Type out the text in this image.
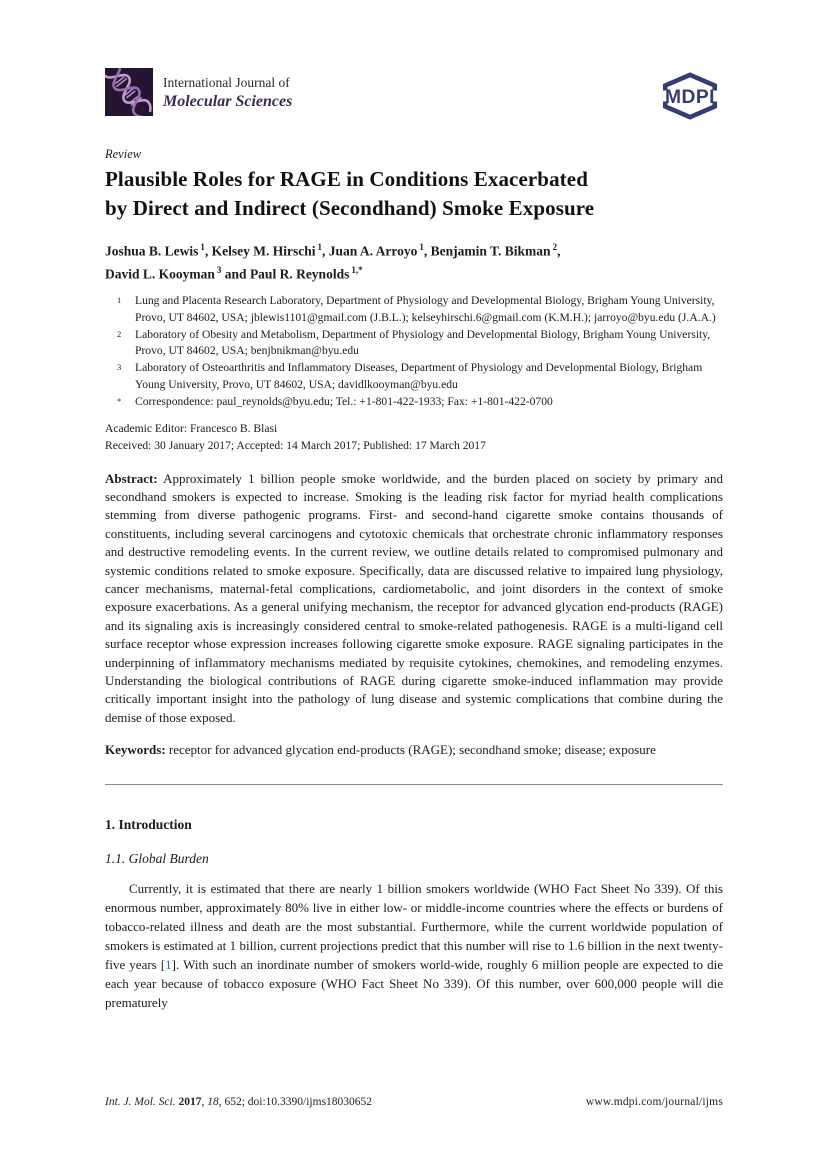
International Journal of
Molecular Sciences	MDPI
Review
Plausible Roles for RAGE in Conditions Exacerbated
by Direct and Indirect (Secondhand) Smoke Exposure
Joshua B. Lewis $^1$, Kelsey M. Hirschi $^1$, Juan A. Arroyo $^1$, Benjamin T. Bikman $^2$,
David L. Kooyman $^3$ and Paul R. Reynolds $^{1,*}$
1	Lung and Placenta Research Laboratory, Department of Physiology and Developmental Biology, Brigham Young University, Provo, UT 84602, USA; jblewis1101@gmail.com (J.B.L.); kelseyhirschi.6@gmail.com (K.M.H.); jarroyo@byu.edu (J.A.A.)
2	Laboratory of Obesity and Metabolism, Department of Physiology and Developmental Biology, Brigham Young University, Provo, UT 84602, USA; benjbnikman@byu.edu
3	Laboratory of Osteoarthritis and Inflammatory Diseases, Department of Physiology and Developmental Biology, Brigham Young University, Provo, UT 84602, USA; davidlkooyman@byu.edu
*	Correspondence: paul_reynolds@byu.edu; Tel.: +1-801-422-1933; Fax: +1-801-422-0700
Academic Editor: Francesco B. Blasi
Received: 30 January 2017; Accepted: 14 March 2017; Published: 17 March 2017

Abstract: Approximately 1 billion people smoke worldwide, and the burden placed on society by primary and secondhand smokers is expected to increase. Smoking is the leading risk factor for myriad health complications stemming from diverse pathogenic programs. First- and second-hand cigarette smoke contains thousands of constituents, including several carcinogens and cytotoxic chemicals that orchestrate chronic inflammatory responses and destructive remodeling events. In the current review, we outline details related to compromised pulmonary and systemic conditions related to smoke exposure. Specifically, data are discussed relative to impaired lung physiology, cancer mechanisms, maternal-fetal complications, cardiometabolic, and joint disorders in the context of smoke exposure exacerbations. As a general unifying mechanism, the receptor for advanced glycation end-products (RAGE) and its signaling axis is increasingly considered central to smoke-related pathogenesis. RAGE is a multi-ligand cell surface receptor whose expression increases following cigarette smoke exposure. RAGE signaling participates in the underpinning of inflammatory mechanisms mediated by requisite cytokines, chemokines, and remodeling enzymes. Understanding the biological contributions of RAGE during cigarette smoke-induced inflammation may provide critically important insight into the pathology of lung disease and systemic complications that combine during the demise of those exposed.

Keywords: receptor for advanced glycation end-products (RAGE); secondhand smoke; disease; exposure

1. Introduction
1.1. Global Burden

Currently, it is estimated that there are nearly 1 billion smokers worldwide (WHO Fact Sheet No 339). Of this enormous number, approximately 80% live in either low- or middle-income countries where the effects or burdens of tobacco-related illness and death are the most substantial. Furthermore, while the current worldwide population of smokers is estimated at 1 billion, current projections predict that this number will rise to 1.6 billion in the next twenty-five years [1]. With such an inordinate number of smokers world-wide, roughly 6 million people are expected to die each year because of tobacco exposure (WHO Fact Sheet No 339). Of this number, over 600,000 people will die prematurely

Int. J. Mol. Sci. 2017, 18, 652; doi:10.3390/ijms18030652	www.mdpi.com/journal/ijms
